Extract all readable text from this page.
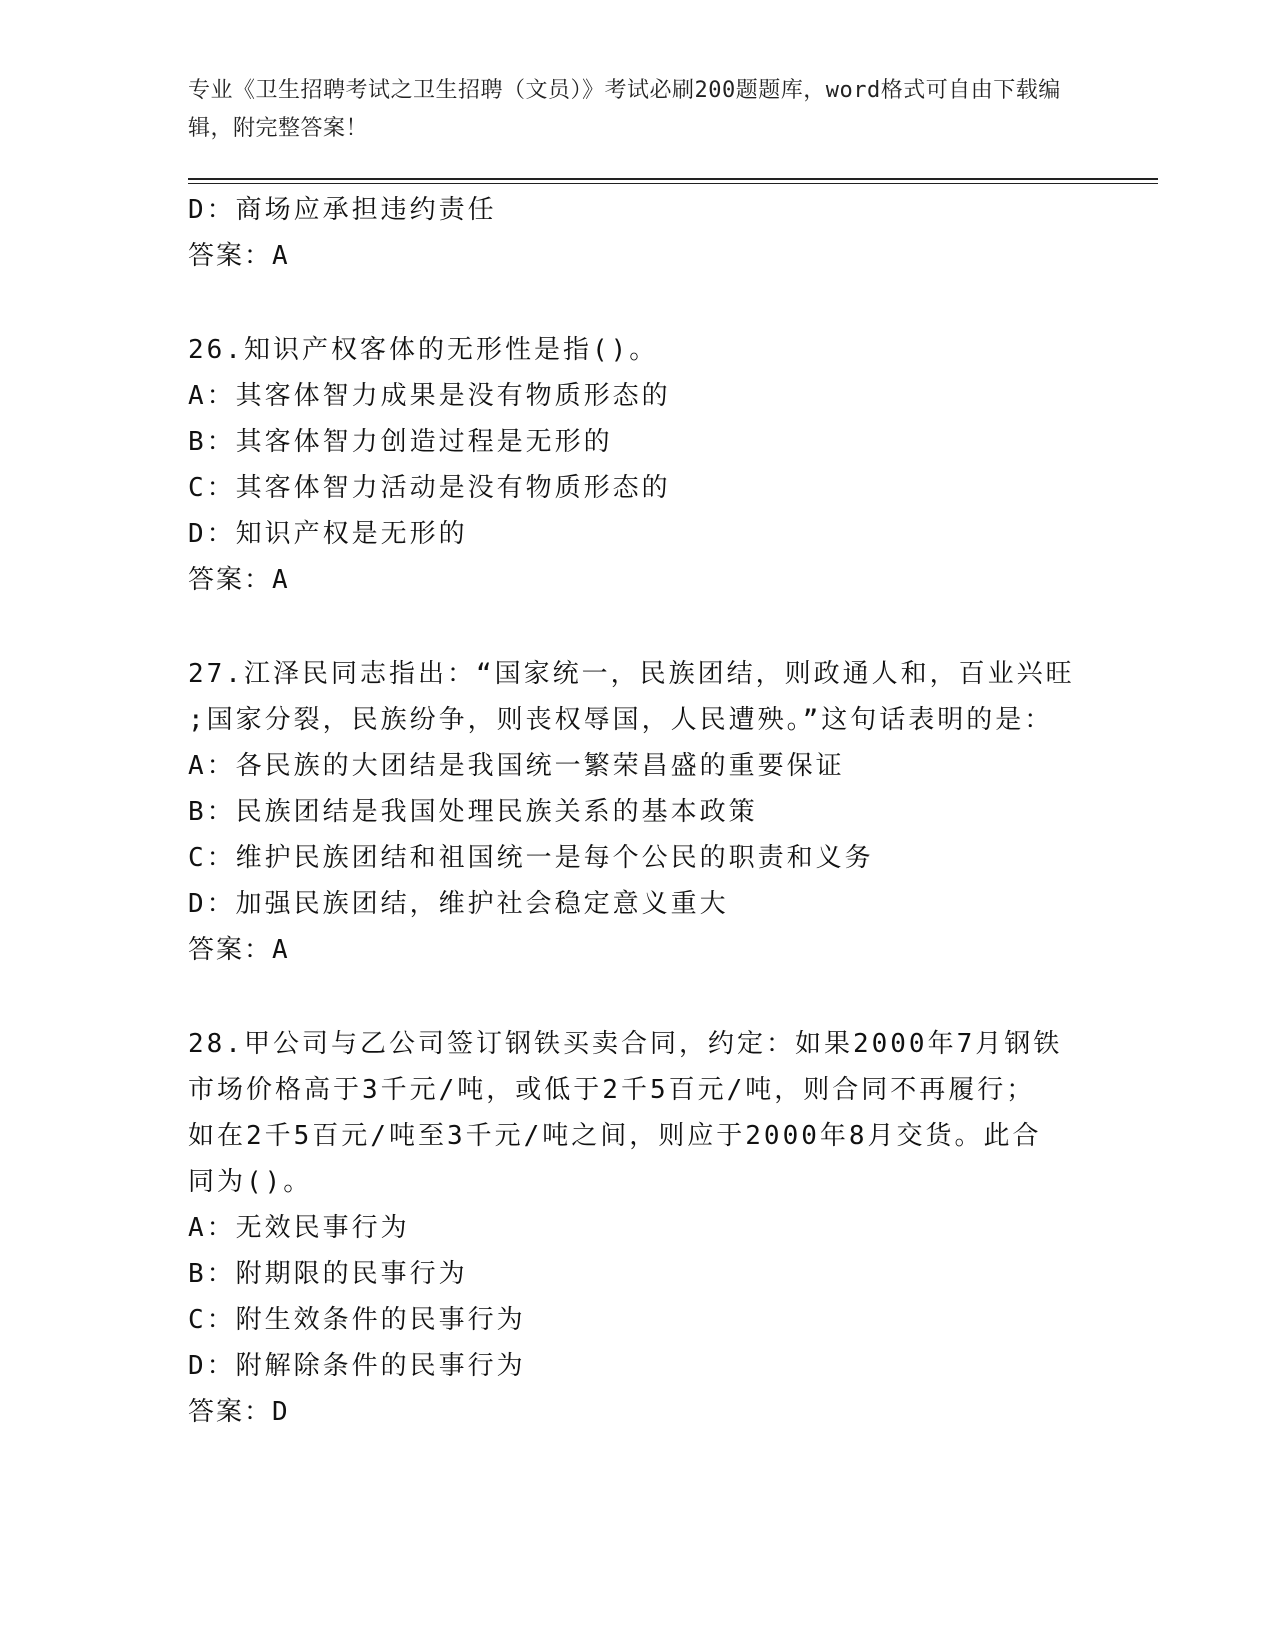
专业《卫生招聘考试之卫生招聘（文员）》考试必刷200题题库，word格式可自由下载编辑，附完整答案！
D：商场应承担违约责任
答案：A
26.知识产权客体的无形性是指()。
A：其客体智力成果是没有物质形态的
B：其客体智力创造过程是无形的
C：其客体智力活动是没有物质形态的
D：知识产权是无形的
答案：A
27.江泽民同志指出：“国家统一，民族团结，则政通人和，百业兴旺
;国家分裂，民族纷争，则丧权辱国，人民遭殃。”这句话表明的是：
A：各民族的大团结是我国统一繁荣昌盛的重要保证
B：民族团结是我国处理民族关系的基本政策
C：维护民族团结和祖国统一是每个公民的职责和义务
D：加强民族团结，维护社会稳定意义重大
答案：A
28.甲公司与乙公司签订钢铁买卖合同，约定：如果2000年7月钢铁
市场价格高于3千元/吨，或低于2千5百元/吨，则合同不再履行；
如在2千5百元/吨至3千元/吨之间，则应于2000年8月交货。此合
同为()。
A：无效民事行为
B：附期限的民事行为
C：附生效条件的民事行为
D：附解除条件的民事行为
答案：D
